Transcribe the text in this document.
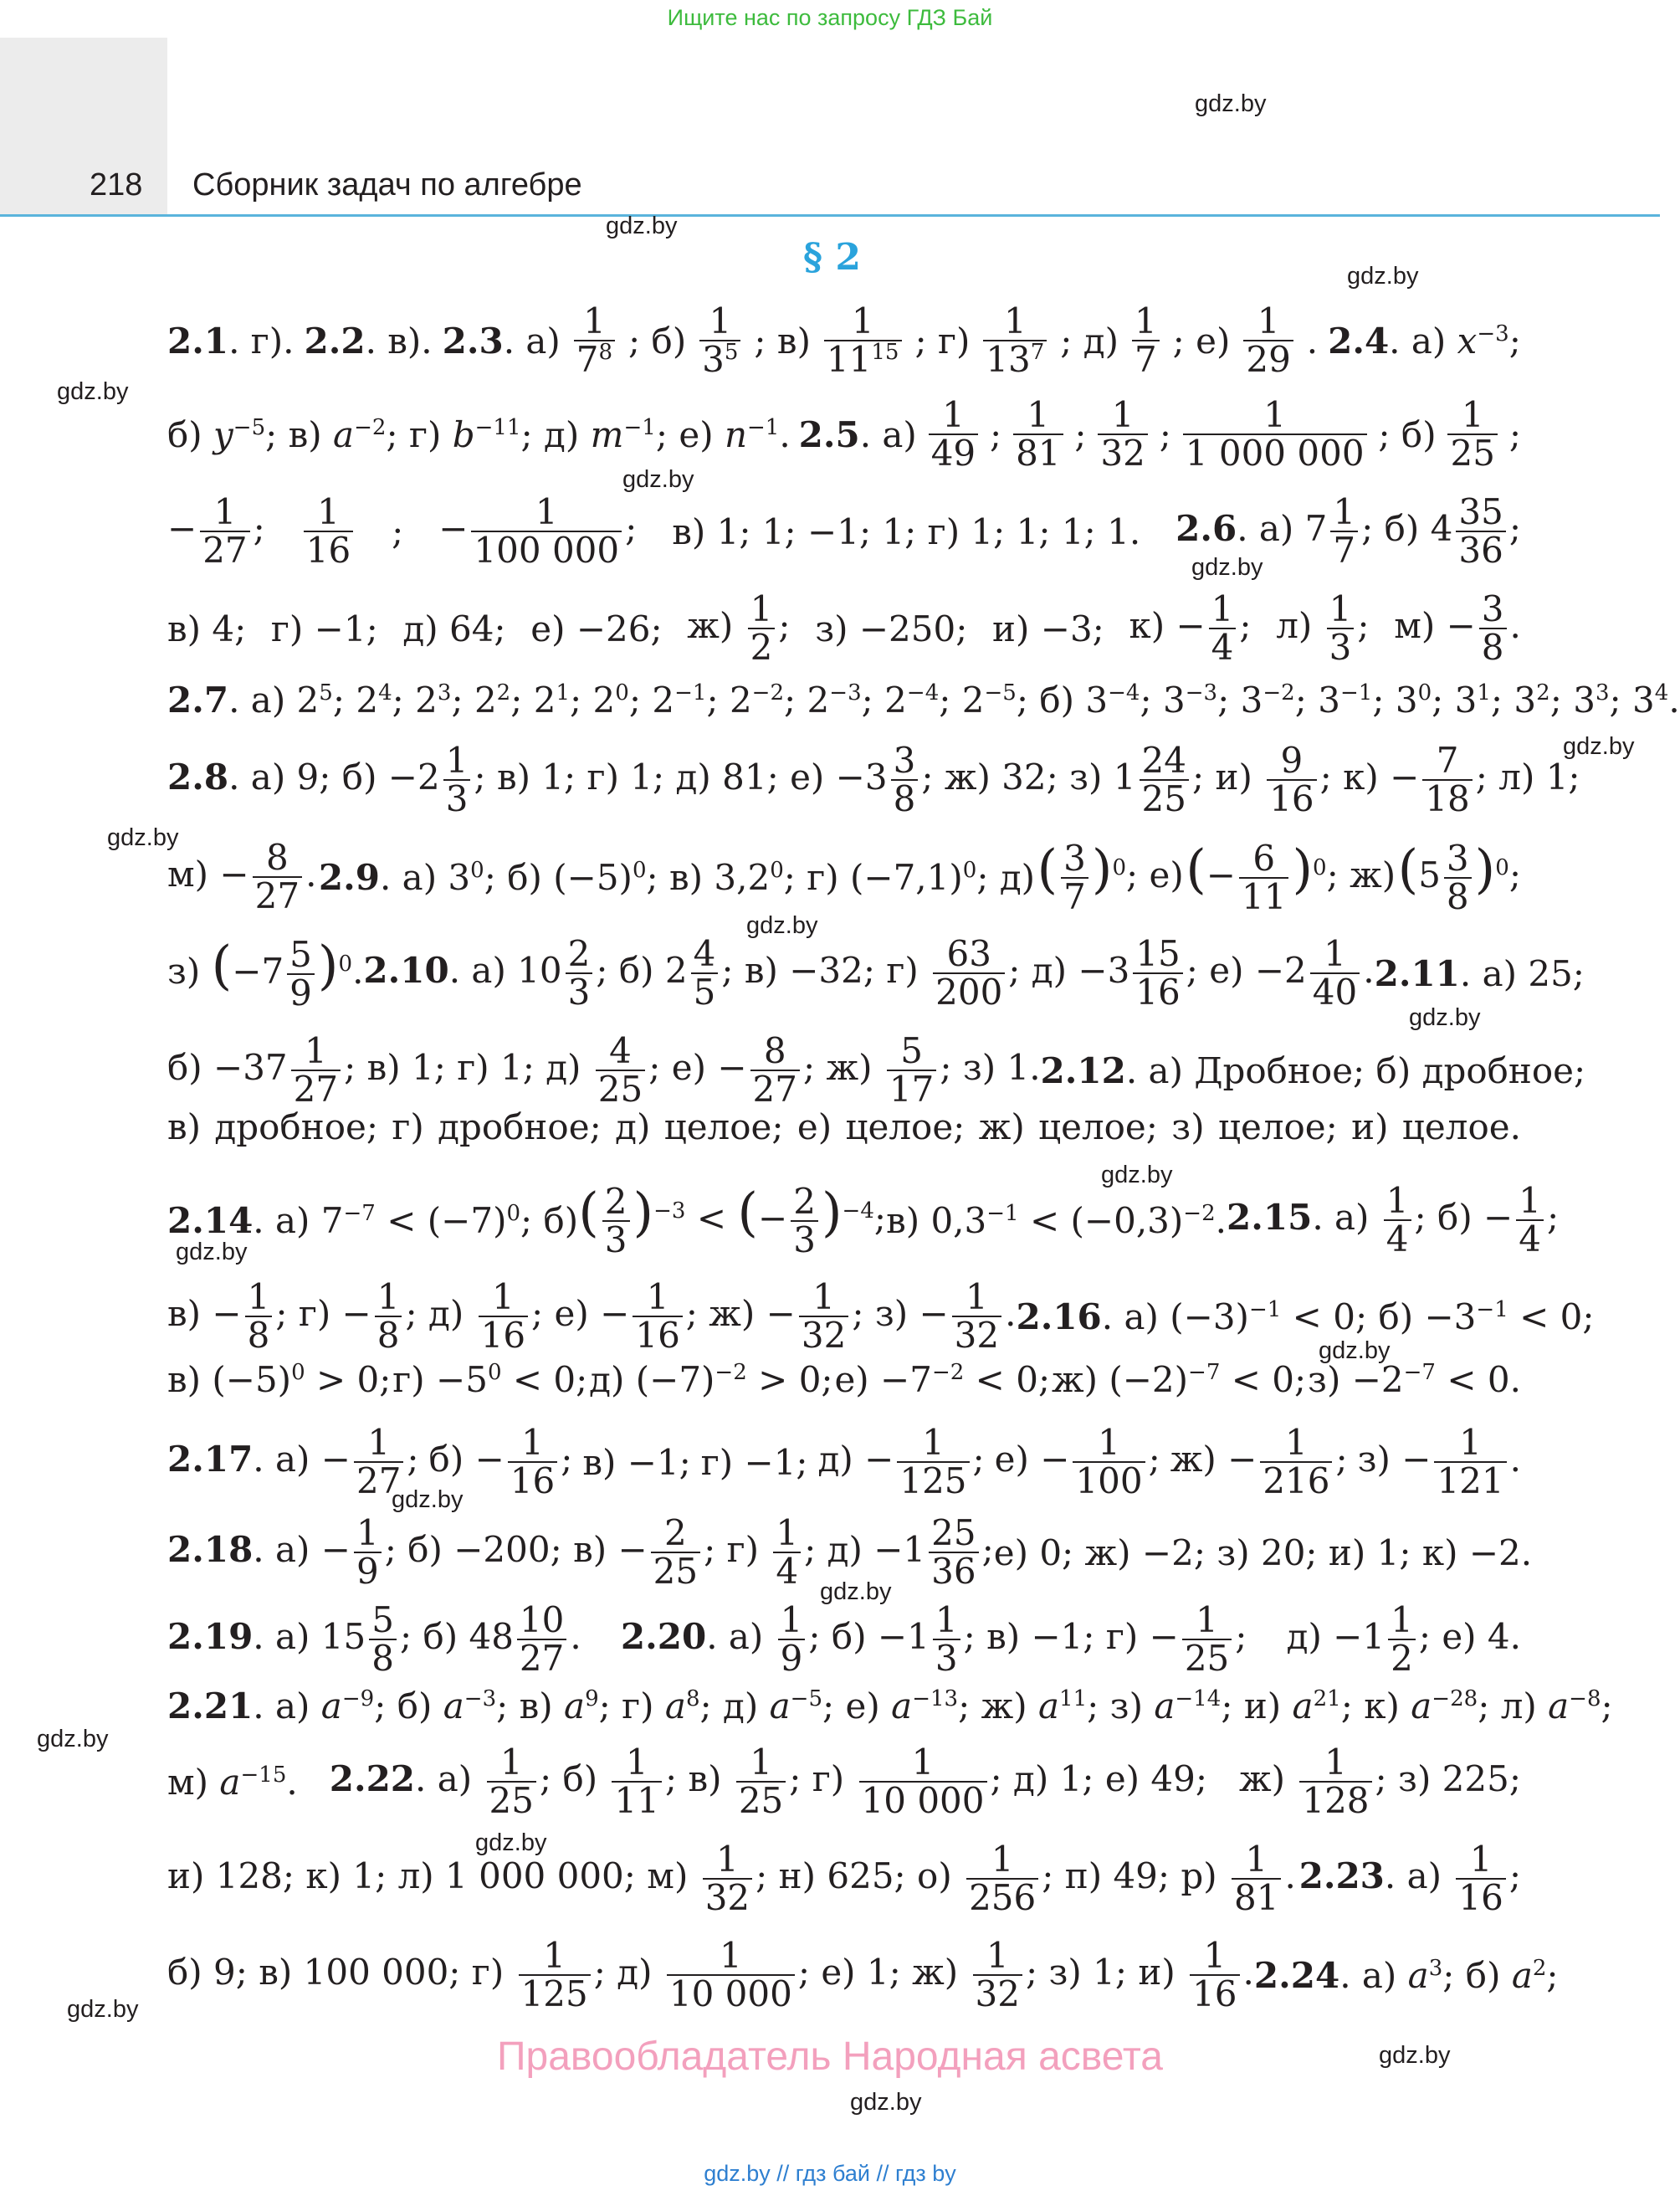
Ищите нас по запросу ГДЗ Бай
218 Сборник задач по алгебре
§ 2
gdz.by
gdz.by
gdz.by
gdz.by
gdz.by
gdz.by
gdz.by
gdz.by
gdz.by
gdz.by
gdz.by
gdz.by
gdz.by
gdz.by
gdz.by
gdz.by
gdz.by
gdz.by
gdz.by
gdz.by
2.1. г). 2.2. в). 2.3. $а) \frac{1}{7^8}$ ; $б) \frac{1}{3^5}$ ; $в) \frac{1}{11^{15}}$ ; $г) \frac{1}{13^7}$ ; $д) \frac{1}{7}$ ; $е) \frac{1}{29}$ . 2.4. а) $x^{-3}$;
б) $y^{-5}$; в) $a^{-2}$; г) $b^{-11}$; д) $m^{-1}$; е) $n^{-1}$. 2.5. $а) \frac{1}{49}$ ; $\frac{1}{81}$ ; $\frac{1}{32}$ ; $\frac{1}{1 000 000}$ ; $б) \frac{1}{25}$ ;
− $\frac{1}{27}$ ; $\frac{1}{16}$ ; − $\frac{1}{100 000}$ ; в) 1; 1; −1; 1; г) 1; 1; 1; 1. 2.6. а) $7 \frac{1}{7}$ ; б) $4 \frac{35}{36}$ ;
в) 4; г) −1; д) 64; е) −26; $ж) \frac{1}{2}$ ; з) −250; и) −3; $к) - \frac{1}{4}$ ; $л) \frac{1}{3}$ ; $м) - \frac{3}{8}$ .
2.7. а) $2^5$; $2^4$; $2^3$; $2^2$; $2^1$; $2^0$; $2^{-1}$; $2^{-2}$; $2^{-3}$; $2^{-4}$; $2^{-5}$; б) $3^{-4}$; $3^{-3}$; $3^{-2}$; $3^{-1}$; $3^0$; $3^1$; $3^2$; $3^3$; $3^4$.
2.8. а) 9; $б) -2 \frac{1}{3}$ ; в) 1; г) 1; д) 81; $е) -3 \frac{3}{8}$ ; ж) 32; з) $1 \frac{24}{25}$ ; $и) \frac{9}{16}$ ; $к) - \frac{7}{18}$ ; л) 1;
$м) - \frac{8}{27}$ . 2.9. а) $3^0$; б) $(-5)^0$; в) $3,2^0$; г) $(-7,1)^0$; д) ( $\frac{3}{7} )^0$; е) (− $\frac{6}{11} )^0$; ж) $(5 \frac{3}{8} )^0$;
з) $(-7 \frac{5}{9} )^0$. 2.10. а) $10 \frac{2}{3}$ ; б) $2 \frac{4}{5}$ ; в) −32; $г) \frac{63}{200}$ ; $д) -3 \frac{15}{16}$ ; $е) -2 \frac{1}{40}$ . 2.11. а) 25;
$б) -37 \frac{1}{27}$ ; в) 1; г) 1; $д) \frac{4}{25}$ ; $е) - \frac{8}{27}$ ; $ж) \frac{5}{17}$ ; з) 1. 2.12. а) Дробное; б) дробное;
в) дробное; г) дробное; д) целое; е) целое; ж) целое; з) целое; и) целое.
2.14. а) $7^{-7} < (-7)^0$; б) ( $\frac{2}{3} )^{-3}$ < (− $\frac{2}{3} )^{-4}$; в) $0,3^{-1} < (-0,3)^{-2}$. 2.15. $а) \frac{1}{4}$ ; $б) - \frac{1}{4}$ ;
$в) - \frac{1}{8}$ ; $г) - \frac{1}{8}$ ; $д) \frac{1}{16}$ ; $е) - \frac{1}{16}$ ; $ж) - \frac{1}{32}$ ; $з) - \frac{1}{32}$ . 2.16. а) $(-3)^{-1} < 0$; $б) -3^{-1} < 0$;
в) $(-5)^0 > 0$; $г) -5^0 < 0$; д) $(-7)^{-2} > 0$; $е) -7^{-2} < 0$; ж) $(-2)^{-7} < 0$; $з) -2^{-7} < 0$.
2.17. $а) - \frac{1}{27}$ ; $б) - \frac{1}{16}$ ; в) −1; г) −1; $д) - \frac{1}{125}$ ; $е) - \frac{1}{100}$ ; $ж) - \frac{1}{216}$ ; $з) - \frac{1}{121}$ .
2.18. $а) - \frac{1}{9}$ ; б) −200; $в) - \frac{2}{25}$ ; $г) \frac{1}{4}$ ; $д) -1 \frac{25}{36}$ ; е) 0; ж) −2; з) 20; и) 1; к) −2.
2.19. а) $15 \frac{5}{8}$ ; б) $48 \frac{10}{27}$ . 2.20. $а) \frac{1}{9}$ ; $б) -1 \frac{1}{3}$ ; в) −1; $г) - \frac{1}{25}$ ; $д) -1 \frac{1}{2}$ ; е) 4.
2.21. а) $a^{-9}$; б) $a^{-3}$; в) $a^9$; г) $a^8$; д) $a^{-5}$; е) $a^{-13}$; ж) $a^{11}$; з) $a^{-14}$; и) $a^{21}$; к) $a^{-28}$; л) $a^{-8}$;
м) $a^{-15}$. 2.22. $а) \frac{1}{25}$ ; $б) \frac{1}{11}$ ; $в) \frac{1}{25}$ ; $г) \frac{1}{10 000}$ ; д) 1; е) 49; $ж) \frac{1}{128}$ ; з) 225;
и) 128; к) 1; л) 1 000 000; $м) \frac{1}{32}$ ; н) 625; $о) \frac{1}{256}$ ; п) 49; $р) \frac{1}{81}$ . 2.23. $а) \frac{1}{16}$ ;
б) 9; в) 100 000; $г) \frac{1}{125}$ ; $д) \frac{1}{10 000}$ ; е) 1; $ж) \frac{1}{32}$ ; з) 1; $и) \frac{1}{16}$ . 2.24. а) $a^3$; б) $a^2$;
Правообладатель Народная асвета
gdz.by // гдз бай // гдз by
